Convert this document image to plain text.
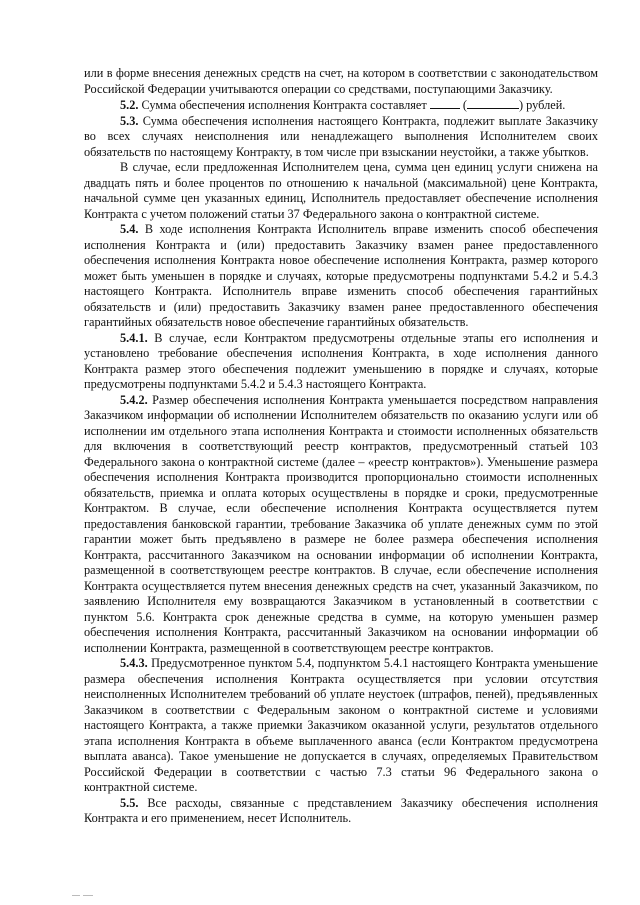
или в форме внесения денежных средств на счет, на котором в соответствии с законодательством Российской Федерации учитываются операции со средствами, поступающими Заказчику.

5.2. Сумма обеспечения исполнения Контракта составляет  (	) рублей.

5.3. Сумма обеспечения исполнения настоящего Контракта, подлежит выплате Заказчику во всех случаях неисполнения или ненадлежащего выполнения Исполнителем своих обязательств по настоящему Контракту, в том числе при взыскании неустойки, а также убытков.

В случае, если предложенная Исполнителем цена, сумма цен единиц услуги снижена на двадцать пять и более процентов по отношению к начальной (максимальной) цене Контракта, начальной сумме цен указанных единиц, Исполнитель предоставляет обеспечение исполнения Контракта с учетом положений статьи 37 Федерального закона о контрактной системе.

5.4. В ходе исполнения Контракта Исполнитель вправе изменить способ обеспечения исполнения Контракта и (или) предоставить Заказчику взамен ранее предоставленного обеспечения исполнения Контракта новое обеспечение исполнения Контракта, размер которого может быть уменьшен в порядке и случаях, которые предусмотрены подпунктами 5.4.2 и 5.4.3 настоящего Контракта. Исполнитель вправе изменить способ обеспечения гарантийных обязательств и (или) предоставить Заказчику взамен ранее предоставленного обеспечения гарантийных обязательств новое обеспечение гарантийных обязательств.

5.4.1. В случае, если Контрактом предусмотрены отдельные этапы его исполнения и установлено требование обеспечения исполнения Контракта, в ходе исполнения данного Контракта размер этого обеспечения подлежит уменьшению в порядке и случаях, которые предусмотрены подпунктами 5.4.2 и 5.4.3 настоящего Контракта.

5.4.2. Размер обеспечения исполнения Контракта уменьшается посредством направления Заказчиком информации об исполнении Исполнителем обязательств по оказанию услуги или об исполнении им отдельного этапа исполнения Контракта и стоимости исполненных обязательств для включения в соответствующий реестр контрактов, предусмотренный статьей 103 Федерального закона о контрактной системе (далее – «реестр контрактов»). Уменьшение размера обеспечения исполнения Контракта производится пропорционально стоимости исполненных обязательств, приемка и оплата которых осуществлены в порядке и сроки, предусмотренные Контрактом. В случае, если обеспечение исполнения Контракта осуществляется путем предоставления банковской гарантии, требование Заказчика об уплате денежных сумм по этой гарантии может быть предъявлено в размере не более размера обеспечения исполнения Контракта, рассчитанного Заказчиком на основании информации об исполнении Контракта, размещенной в соответствующем реестре контрактов. В случае, если обеспечение исполнения Контракта осуществляется путем внесения денежных средств на счет, указанный Заказчиком, по заявлению Исполнителя ему возвращаются Заказчиком в установленный в соответствии с пунктом 5.6. Контракта срок денежные средства в сумме, на которую уменьшен размер обеспечения исполнения Контракта, рассчитанный Заказчиком на основании информации об исполнении Контракта, размещенной в соответствующем реестре контрактов.

5.4.3. Предусмотренное пунктом 5.4, подпунктом 5.4.1 настоящего Контракта уменьшение размера обеспечения исполнения Контракта осуществляется при условии отсутствия неисполненных Исполнителем требований об уплате неустоек (штрафов, пеней), предъявленных Заказчиком в соответствии с Федеральным законом о контрактной системе и условиями настоящего Контракта, а также приемки Заказчиком оказанной услуги, результатов отдельного этапа исполнения Контракта в объеме выплаченного аванса (если Контрактом предусмотрена выплата аванса). Такое уменьшение не допускается в случаях, определяемых Правительством Российской Федерации в соответствии с частью 7.3 статьи 96 Федерального закона о контрактной системе.

5.5. Все расходы, связанные с представлением Заказчику обеспечения исполнения Контракта и его применением, несет Исполнитель.
